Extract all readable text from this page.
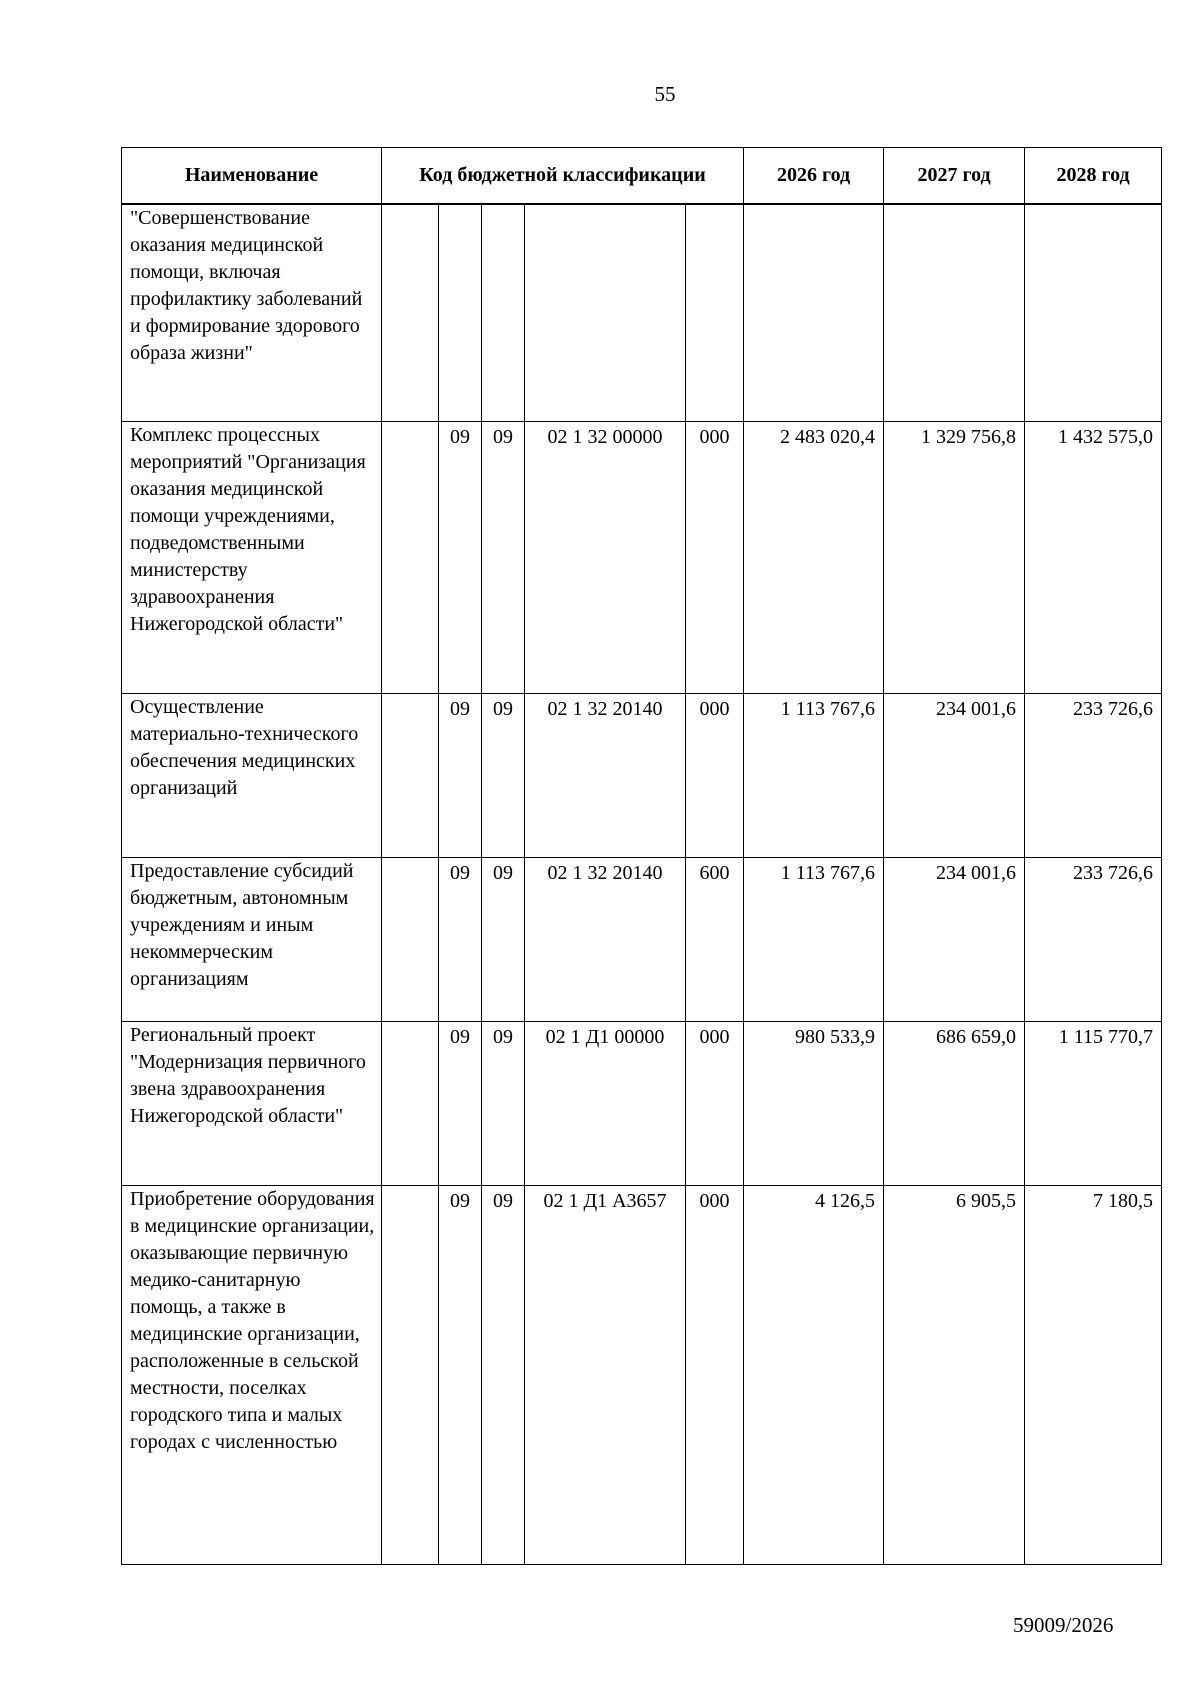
55
Наименование	Код бюджетной классификации					2026 год	2027 год	2028 год
"Совершенствование оказания медицинской помощи, включая профилактику заболеваний и формирование здорового образа жизни"								
Комплекс процессных мероприятий "Организация оказания медицинской помощи учреждениями, подведомственными министерству здравоохранения Нижегородской области"		09	09	02 1 32 00000	000	2 483 020,4	1 329 756,8	1 432 575,0
Осуществление материально-технического обеспечения медицинских организаций		09	09	02 1 32 20140	000	1 113 767,6	234 001,6	233 726,6
Предоставление субсидий бюджетным, автономным учреждениям и иным некоммерческим организациям		09	09	02 1 32 20140	600	1 113 767,6	234 001,6	233 726,6
Региональный проект "Модернизация первичного звена здравоохранения Нижегородской области"		09	09	02 1 Д1 00000	000	980 533,9	686 659,0	1 115 770,7
Приобретение оборудования в медицинские организации, оказывающие первичную медико-санитарную помощь, а также в медицинские организации, расположенные в сельской местности, поселках городского типа и малых городах с численностью		09	09	02 1 Д1 А3657	000	4 126,5	6 905,5	7 180,5
59009/2026
